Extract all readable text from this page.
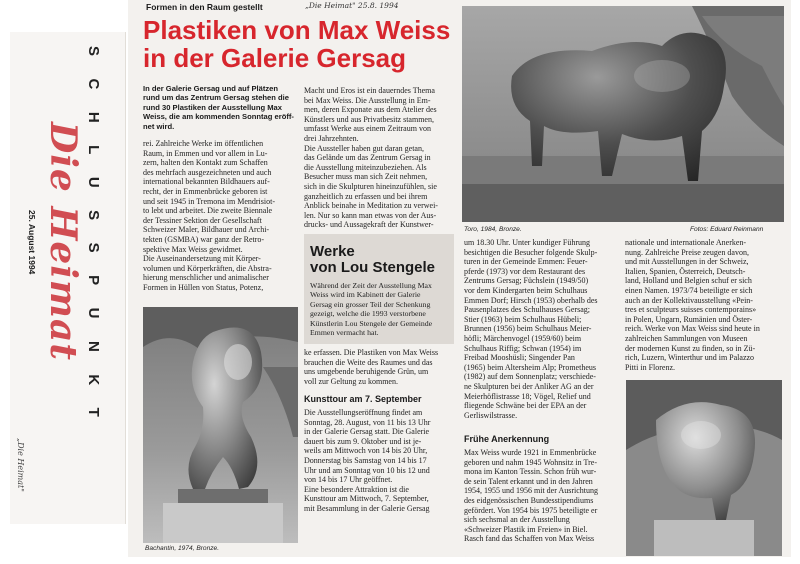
SCHLUSSPUNKT
Die Heimat
25. August 1994
„Die Heimat"
Formen in den Raum gestellt	„Die Heimat" 25.8. 1994
Plastiken von Max Weiss
in der Galerie Gersag
In der Galerie Gersag und auf Plätzen
rund um das Zentrum Gersag stehen die
rund 30 Plastiken der Ausstellung Max
Weiss, die am kommenden Sonntag eröff-
net wird.
rei. Zahlreiche Werke im öffentlichen
Raum, in Emmen und vor allem in Lu-
zern, halten den Kontakt zum Schaffen
des mehrfach ausgezeichneten und auch
international bekannten Bildhauers auf-
recht, der in Emmenbrücke geboren ist
und seit 1945 in Tremona im Mendrisiot-
to lebt und arbeitet. Die zweite Biennale
der Tessiner Sektion der Gesellschaft
Schweizer Maler, Bildhauer und Archi-
tekten (GSMBA) war ganz der Retro-
spektive Max Weiss gewidmet.
Die Auseinandersetzung mit Körper-
volumen und Körperkräften, die Abstra-
hierung menschlicher und animalischer
Formen in Hüllen von Status, Potenz,
Bachantin, 1974, Bronze.
Macht und Eros ist ein dauerndes Thema
bei Max Weiss. Die Ausstellung in Em-
men, deren Exponate aus dem Atelier des
Künstlers und aus Privatbesitz stammen,
umfasst Werke aus einem Zeitraum von
drei Jahrzehnten.
Die Aussteller haben gut daran getan,
das Gelände um das Zentrum Gersag in
die Ausstellung miteinzubeziehen. Als
Besucher muss man sich Zeit nehmen,
sich in die Skulpturen hineinzufühlen, sie
ganzheitlich zu erfassen und bei ihrem
Anblick beinahe in Meditation zu verwei-
len. Nur so kann man etwas von der Aus-
drucks- und Aussagekraft der Kunstwer-
Werke
von Lou Stengele
Während der Zeit der Ausstellung Max
Weiss wird im Kabinett der Galerie
Gersag ein grosser Teil der Schenkung
gezeigt, welche die 1993 verstorbene
Künstlerin Lou Stengele der Gemeinde
Emmen vermacht hat.
ke erfassen. Die Plastiken von Max Weiss
brauchen die Weite des Raumes und das
uns umgebende beruhigende Grün, um
voll zur Geltung zu kommen.
Kunsttour am 7. September
Die Ausstellungseröffnung findet am
Sonntag, 28. August, von 11 bis 13 Uhr
in der Galerie Gersag statt. Die Galerie
dauert bis zum 9. Oktober und ist je-
weils am Mittwoch von 14 bis 20 Uhr,
Donnerstag bis Samstag von 14 bis 17
Uhr und am Sonntag von 10 bis 12 und
von 14 bis 17 Uhr geöffnet.
Eine besondere Attraktion ist die
Kunsttour am Mittwoch, 7. September,
mit Besammlung in der Galerie Gersag
Toro, 1984, Bronze.	Fotos: Eduard Reinmann
um 18.30 Uhr. Unter kundiger Führung
besichtigen die Besucher folgende Skulp-
turen in der Gemeinde Emmen: Feuer-
pferde (1973) vor dem Restaurant des
Zentrums Gersag; Füchslein (1949/50)
vor dem Kindergarten beim Schulhaus
Emmen Dorf; Hirsch (1953) oberhalb des
Pausenplatzes des Schulhauses Gersag;
Stier (1963) beim Schulhaus Hübeli;
Brunnen (1956) beim Schulhaus Meier-
höfli; Märchenvogel (1959/60) beim
Schulhaus Riffig; Schwan (1954) im
Freibad Mooshüsli; Singender Pan
(1965) beim Altersheim Alp; Prometheus
(1982) auf dem Sonnenplatz; verschiede-
ne Skulpturen bei der Anliker AG an der
Meierhöflistrasse 18; Vögel, Relief und
fliegende Schwäne bei der EPA an der
Gerliswilstrasse.
Frühe Anerkennung
Max Weiss wurde 1921 in Emmenbrücke
geboren und nahm 1945 Wohnsitz in Tre-
mona im Kanton Tessin. Schon früh wur-
de sein Talent erkannt und in den Jahren
1954, 1955 und 1956 mit der Ausrichtung
des eidgenössischen Bundesstipendiums
gefördert. Von 1954 bis 1975 beteiligte er
sich sechsmal an der Ausstellung
«Schweizer Plastik im Freien» in Biel.
Rasch fand das Schaffen von Max Weiss
nationale und internationale Anerken-
nung. Zahlreiche Preise zeugen davon,
und mit Ausstellungen in der Schweiz,
Italien, Spanien, Österreich, Deutsch-
land, Holland und Belgien schuf er sich
einen Namen. 1973/74 beteiligte er sich
auch an der Kollektivausstellung «Pein-
tres et sculpteurs suisses contemporains»
in Polen, Ungarn, Rumänien und Öster-
reich. Werke von Max Weiss sind heute in
zahlreichen Sammlungen von Museen
der modernen Kunst zu finden, so in Zü-
rich, Luzern, Winterthur und im Palazzo
Pitti in Florenz.
